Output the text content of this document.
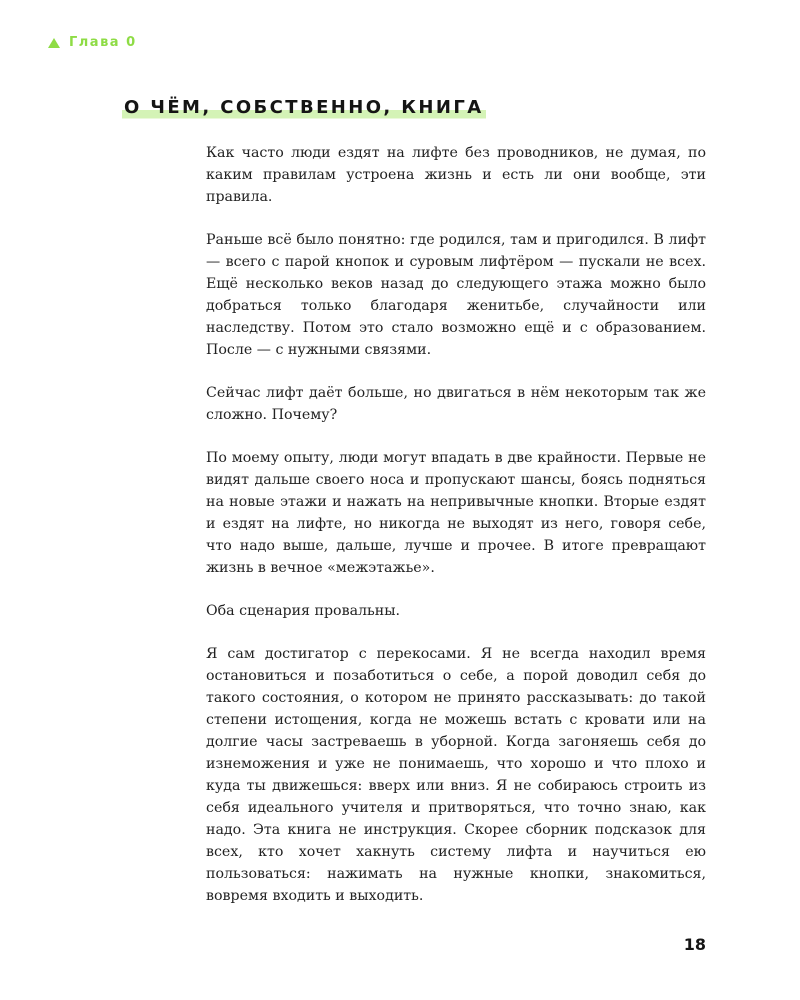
Глава 0
О ЧЁМ, СОБСТВЕННО, КНИГА

Как часто люди ездят на лифте без проводников, не думая, по каким правилам устроена жизнь и есть ли они вообще, эти правила.

Раньше всё было понятно: где родился, там и пригодился. В лифт — всего с парой кнопок и суровым лифтёром — пускали не всех. Ещё несколько веков назад до следующего этажа можно было добраться только благодаря женитьбе, случайности или наследству. Потом это стало возможно ещё и с образованием. После — с нужными связями.

Сейчас лифт даёт больше, но двигаться в нём некоторым так же сложно. Почему?

По моему опыту, люди могут впадать в две крайности. Первые не видят дальше своего носа и пропускают шансы, боясь подняться на новые этажи и нажать на непривычные кнопки. Вторые ездят и ездят на лифте, но никогда не выходят из него, говоря себе, что надо выше, дальше, лучше и прочее. В итоге превращают жизнь в вечное «межэтажье».

Оба сценария провальны.

Я сам достигатор с перекосами. Я не всегда находил время остановиться и позаботиться о себе, а порой доводил себя до такого состояния, о котором не принято рассказывать: до такой степени истощения, когда не можешь встать с кровати или на долгие часы застреваешь в уборной. Когда загоняешь себя до изнеможения и уже не понимаешь, что хорошо и что плохо и куда ты движешься: вверх или вниз. Я не собираюсь строить из себя идеального учителя и притворяться, что точно знаю, как надо. Эта книга не инструкция. Скорее сборник подсказок для всех, кто хочет хакнуть систему лифта и научиться ею пользоваться: нажимать на нужные кнопки, знакомиться, вовремя входить и выходить.

18
